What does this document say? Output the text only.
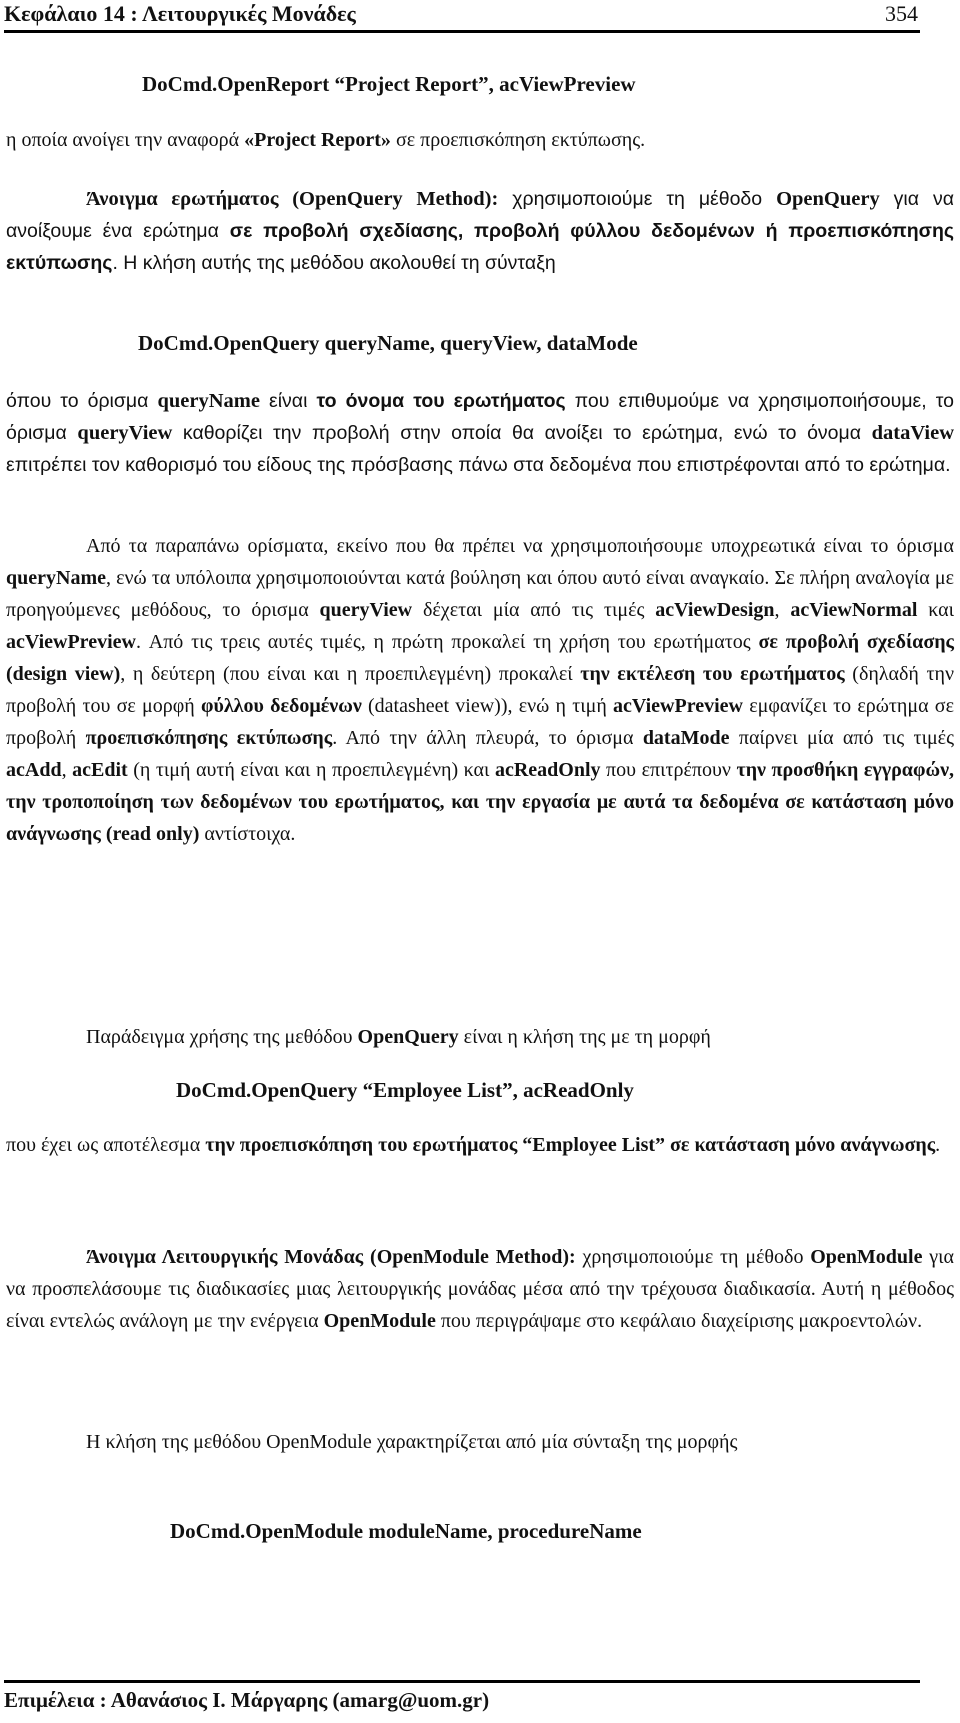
Κεφάλαιο 14 : Λειτουργικές Μονάδες	354
DoCmd.OpenReport “Project Report”, acViewPreview
η οποία ανοίγει την αναφορά «Project Report» σε προεπισκόπηση εκτύπωσης.
Άνοιγμα ερωτήματος (OpenQuery Method): χρησιμοποιούμε τη μέθοδο OpenQuery για να ανοίξουμε ένα ερώτημα σε προβολή σχεδίασης, προβολή φύλλου δεδομένων ή προεπισκόπησης εκτύπωσης. Η κλήση αυτής της μεθόδου ακολουθεί τη σύνταξη
DoCmd.OpenQuery queryName, queryView, dataMode
όπου το όρισμα queryName είναι το όνομα του ερωτήματος που επιθυμούμε να χρησιμοποιήσουμε, το όρισμα queryView καθορίζει την προβολή στην οποία θα ανοίξει το ερώτημα, ενώ το όνομα dataView επιτρέπει τον καθορισμό του είδους της πρόσβασης πάνω στα δεδομένα που επιστρέφονται από το ερώτημα.
Από τα παραπάνω ορίσματα, εκείνο που θα πρέπει να χρησιμοποιήσουμε υποχρεωτικά είναι το όρισμα queryName, ενώ τα υπόλοιπα χρησιμοποιούνται κατά βούληση και όπου αυτό είναι αναγκαίο. Σε πλήρη αναλογία με προηγούμενες μεθόδους, το όρισμα queryView δέχεται μία από τις τιμές acViewDesign, acViewNormal και acViewPreview. Από τις τρεις αυτές τιμές, η πρώτη προκαλεί τη χρήση του ερωτήματος σε προβολή σχεδίασης (design view), η δεύτερη (που είναι και η προεπιλεγμένη) προκαλεί την εκτέλεση του ερωτήματος (δηλαδή την προβολή του σε μορφή φύλλου δεδομένων (datasheet view)), ενώ η τιμή acViewPreview εμφανίζει το ερώτημα σε προβολή προεπισκόπησης εκτύπωσης. Από την άλλη πλευρά, το όρισμα dataMode παίρνει μία από τις τιμές acAdd, acEdit (η τιμή αυτή είναι και η προεπιλεγμένη) και acReadOnly που επιτρέπουν την προσθήκη εγγραφών, την τροποποίηση των δεδομένων του ερωτήματος, και την εργασία με αυτά τα δεδομένα σε κατάσταση μόνο ανάγνωσης (read only) αντίστοιχα.
Παράδειγμα χρήσης της μεθόδου OpenQuery είναι η κλήση της με τη μορφή
DoCmd.OpenQuery “Employee List”, acReadOnly
που έχει ως αποτέλεσμα την προεπισκόπηση του ερωτήματος “Employee List” σε κατάσταση μόνο ανάγνωσης.
Άνοιγμα Λειτουργικής Μονάδας (OpenModule Method): χρησιμοποιούμε τη μέθοδο OpenModule για να προσπελάσουμε τις διαδικασίες μιας λειτουργικής μονάδας μέσα από την τρέχουσα διαδικασία. Αυτή η μέθοδος είναι εντελώς ανάλογη με την ενέργεια OpenModule που περιγράψαμε στο κεφάλαιο διαχείρισης μακροεντολών.
Η κλήση της μεθόδου OpenModule χαρακτηρίζεται από μία σύνταξη της μορφής
DoCmd.OpenModule moduleName, procedureName
Επιμέλεια : Αθανάσιος Ι. Μάργαρης (amarg@uom.gr)
